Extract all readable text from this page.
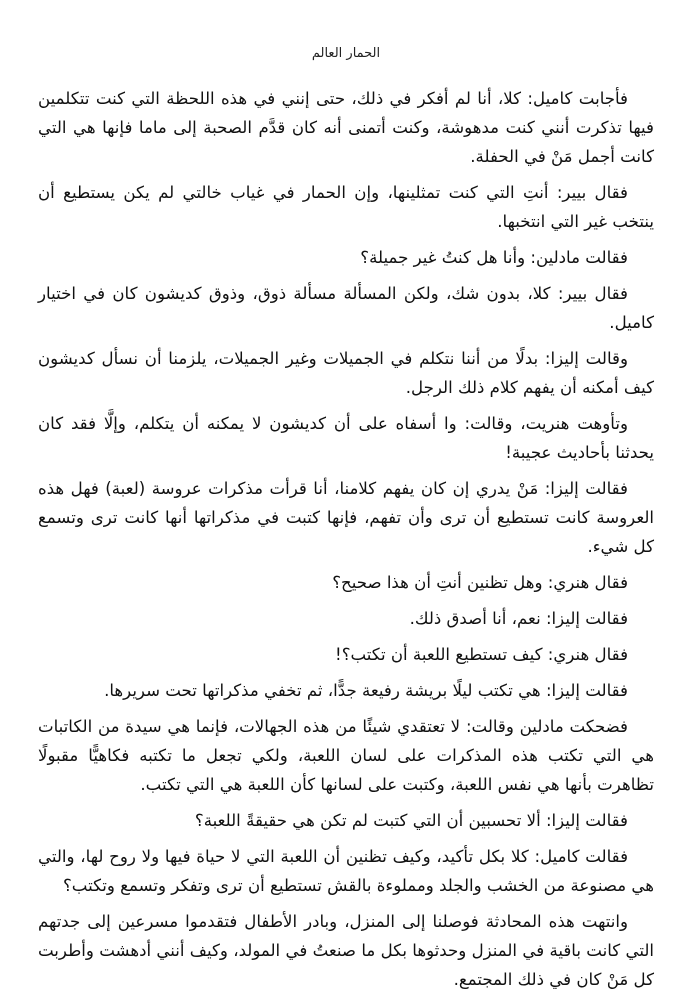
الحمار العالم

فأجابت كاميل: كلا، أنا لم أفكر في ذلك، حتى إنني في هذه اللحظة التي كنت تتكلمين فيها تذكرت أنني كنت مدهوشة، وكنت أتمنى أنه كان قدَّم الصحبة إلى ماما فإنها هي التي كانت أجمل مَنْ في الحفلة.

فقال بيير: أنتِ التي كنت تمثلينها، وإن الحمار في غياب خالتي لم يكن يستطيع أن ينتخب غير التي انتخبها.

فقالت مادلين: وأنا هل كنتُ غير جميلة؟

فقال بيير: كلا، بدون شك، ولكن المسألة مسألة ذوق، وذوق كديشون كان في اختيار كاميل.

وقالت إليزا: بدلًا من أننا نتكلم في الجميلات وغير الجميلات، يلزمنا أن نسأل كديشون كيف أمكنه أن يفهم كلام ذلك الرجل.

وتأوهت هنريت، وقالت: وا أسفاه على أن كديشون لا يمكنه أن يتكلم، وإلَّا فقد كان يحدثنا بأحاديث عجيبة!

فقالت إليزا: مَنْ يدري إن كان يفهم كلامنا، أنا قرأت مذكرات عروسة (لعبة) فهل هذه العروسة كانت تستطيع أن ترى وأن تفهم، فإنها كتبت في مذكراتها أنها كانت ترى وتسمع كل شيء.

فقال هنري: وهل تظنين أنتِ أن هذا صحيح؟

فقالت إليزا: نعم، أنا أصدق ذلك.

فقال هنري: كيف تستطيع اللعبة أن تكتب؟!

فقالت إليزا: هي تكتب ليلًا بريشة رفيعة جدًّا، ثم تخفي مذكراتها تحت سريرها.

فضحكت مادلين وقالت: لا تعتقدي شيئًا من هذه الجهالات، فإنما هي سيدة من الكاتبات هي التي تكتب هذه المذكرات على لسان اللعبة، ولكي تجعل ما تكتبه فكاهيًّا مقبولًا تظاهرت بأنها هي نفس اللعبة، وكتبت على لسانها كأن اللعبة هي التي تكتب.

فقالت إليزا: ألا تحسبين أن التي كتبت لم تكن هي حقيقةً اللعبة؟

فقالت كاميل: كلا بكل تأكيد، وكيف تظنين أن اللعبة التي لا حياة فيها ولا روح لها، والتي هي مصنوعة من الخشب والجلد ومملوءة بالقش تستطيع أن ترى وتفكر وتسمع وتكتب؟

وانتهت هذه المحادثة فوصلنا إلى المنزل، وبادر الأطفال فتقدموا مسرعين إلى جدتهم التي كانت باقية في المنزل وحدثوها بكل ما صنعتُ في المولد، وكيف أنني أدهشت وأطربت كل مَنْ كان في ذلك المجتمع.
